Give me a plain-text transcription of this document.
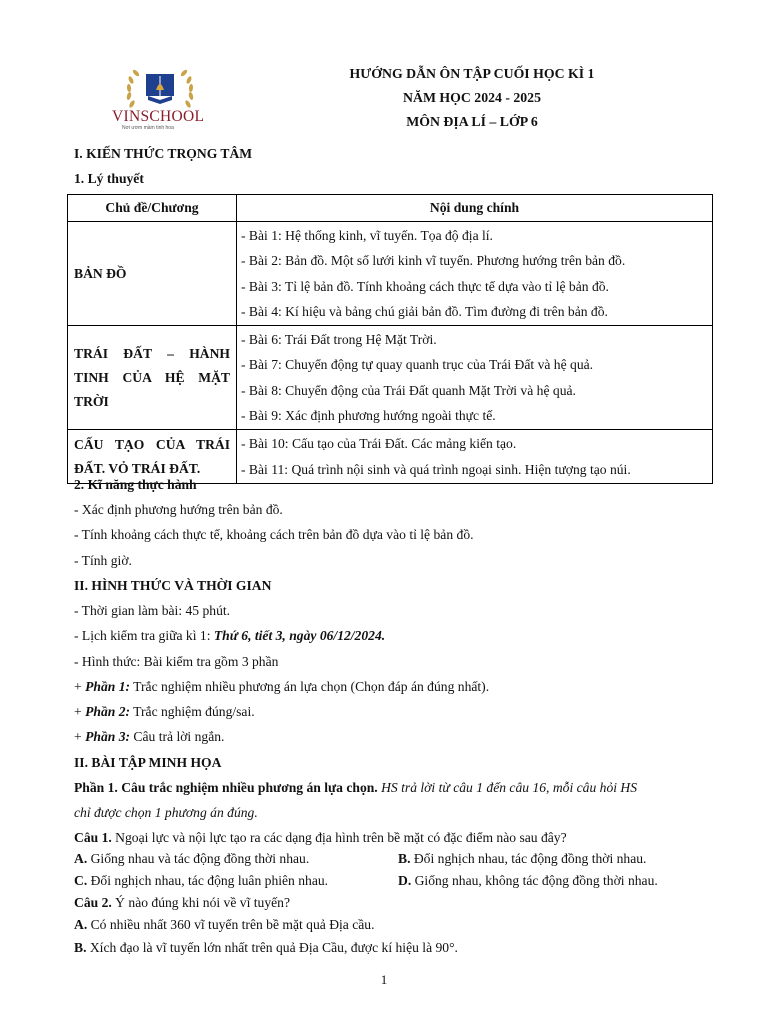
VINSCHOOL
Nơi ươm mầm tinh hoa
HƯỚNG DẪN ÔN TẬP CUỐI HỌC KÌ 1
NĂM HỌC 2024 - 2025
MÔN ĐỊA LÍ – LỚP 6
I. KIẾN THỨC TRỌNG TÂM
1. Lý thuyết
Chủ đề/Chương	Nội dung chính
BẢN ĐỒ	- Bài 1: Hệ thống kinh, vĩ tuyến. Tọa độ địa lí.
- Bài 2: Bản đồ. Một số lưới kinh vĩ tuyến. Phương hướng trên bản đồ.
- Bài 3: Tỉ lệ bản đồ. Tính khoảng cách thực tế dựa vào tỉ lệ bản đồ.
- Bài 4: Kí hiệu và bảng chú giải bản đồ. Tìm đường đi trên bản đồ.

TRÁI ĐẤT – HÀNH TINH CỦA HỆ MẶT TRỜI	- Bài 6: Trái Đất trong Hệ Mặt Trời.
- Bài 7: Chuyển động tự quay quanh trục của Trái Đất và hệ quả.
- Bài 8: Chuyển động của Trái Đất quanh Mặt Trời và hệ quả.
- Bài 9: Xác định phương hướng ngoài thực tế.

CẤU TẠO CỦA TRÁI ĐẤT. VỎ TRÁI ĐẤT.	- Bài 10: Cấu tạo của Trái Đất. Các mảng kiến tạo.
- Bài 11: Quá trình nội sinh và quá trình ngoại sinh. Hiện tượng tạo núi.
2. Kĩ năng thực hành
- Xác định phương hướng trên bản đồ.
- Tính khoảng cách thực tế, khoảng cách trên bản đồ dựa vào tỉ lệ bản đồ.
- Tính giờ.
II. HÌNH THỨC VÀ THỜI GIAN
- Thời gian làm bài: 45 phút.
- Lịch kiểm tra giữa kì 1: Thứ 6, tiết 3, ngày 06/12/2024.
- Hình thức: Bài kiểm tra gồm 3 phần
+ Phần 1: Trắc nghiệm nhiều phương án lựa chọn (Chọn đáp án đúng nhất).
+ Phần 2: Trắc nghiệm đúng/sai.
+ Phần 3: Câu trả lời ngắn.
II. BÀI TẬP MINH HỌA
Phần 1. Câu trắc nghiệm nhiều phương án lựa chọn. HS trả lời từ câu 1 đến câu 16, mỗi câu hỏi HS
chỉ được chọn 1 phương án đúng.
Câu 1. Ngoại lực và nội lực tạo ra các dạng địa hình trên bề mặt có đặc điểm nào sau đây?
A. Giống nhau và tác động đồng thời nhau.	B. Đối nghịch nhau, tác động đồng thời nhau.
C. Đối nghịch nhau, tác động luân phiên nhau.	D. Giống nhau, không tác động đồng thời nhau.
Câu 2. Ý nào đúng khi nói về vĩ tuyến?
A. Có nhiều nhất 360 vĩ tuyến trên bề mặt quả Địa cầu.
B. Xích đạo là vĩ tuyến lớn nhất trên quả Địa Cầu, được kí hiệu là 90°.
1
